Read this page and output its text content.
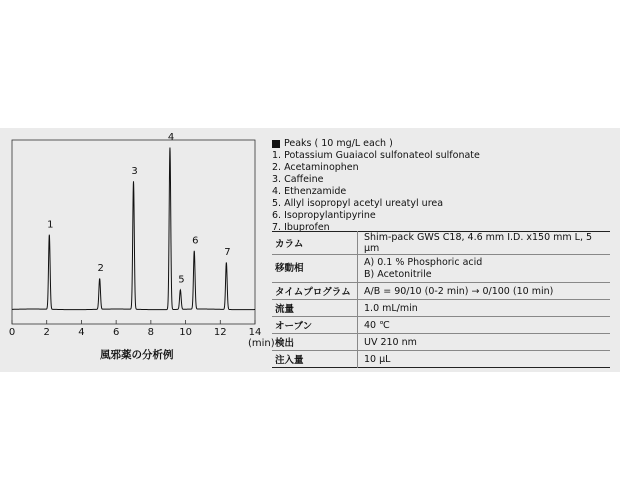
1
2
3
4
5
6
7
0	2	4	6	8	10 12 14
(min)
風邪薬の分析例
Peaks ( 10 mg/L each )
1. Potassium Guaiacol sulfonateol sulfonate
2. Acetaminophen
3. Caffeine
4. Ethenzamide
5. Allyl isopropyl acetyl ureatyl urea
6. Isopropylantipyrine
7. Ibuprofen
カラム	Shim-pack GWS C18, 4.6 mm I.D. x150 mm L, 5 μm
移動相	A) 0.1 % Phosphoric acid
B) Acetonitrile

タイムプログラム	A/B = 90/10 (0-2 min) → 0/100 (10 min)
流量	1.0 mL/min
オーブン	40 ℃
検出	UV 210 nm
注入量	10 μL
